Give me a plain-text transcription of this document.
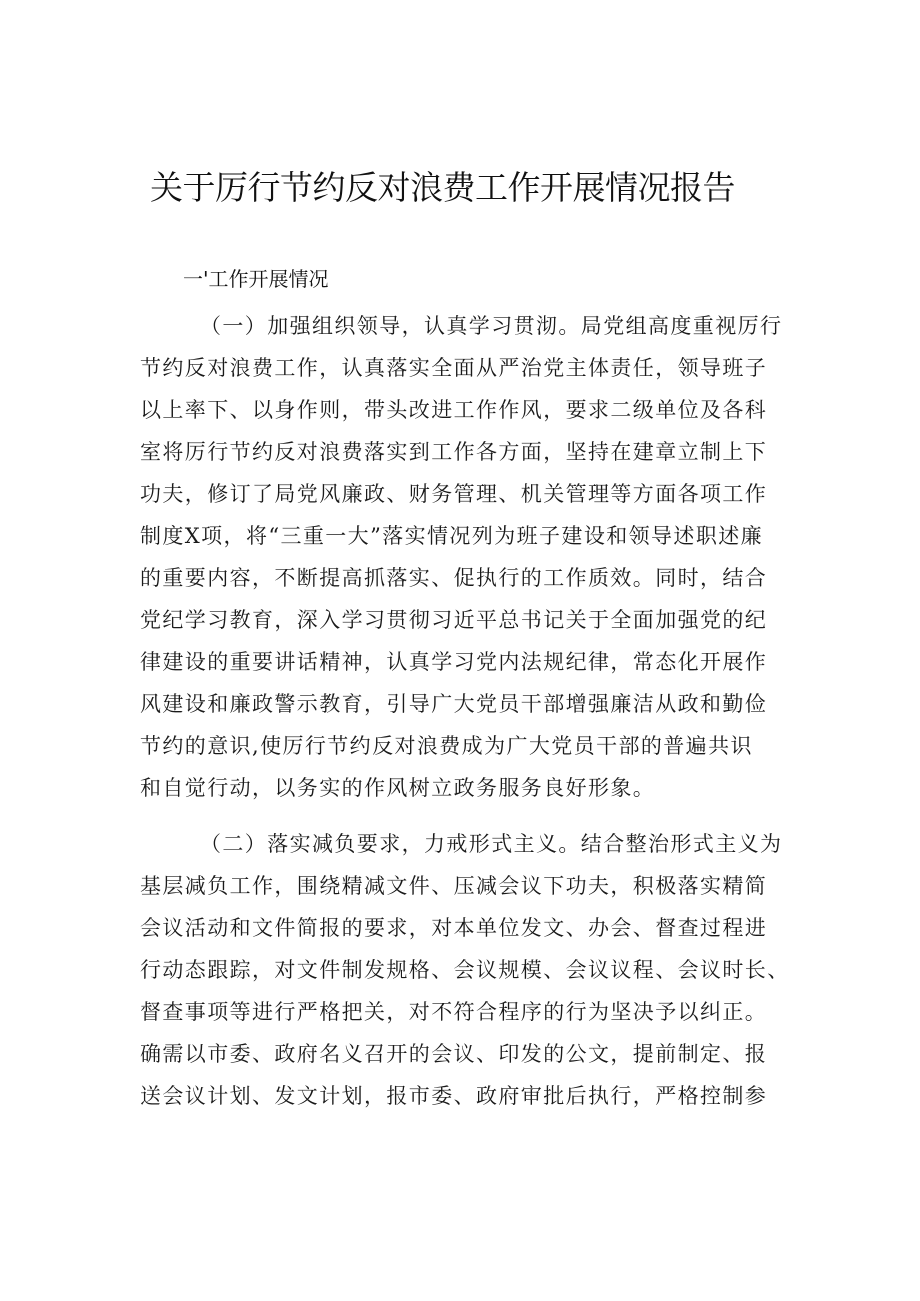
关于厉行节约反对浪费工作开展情况报告
一'工作开展情况
（一）加强组织领导，认真学习贯沏。局党组高度重视厉行
节约反对浪费工作，认真落实全面从严治党主体责任，领导班子
以上率下、以身作则，带头改进工作作风，要求二级单位及各科
室将厉行节约反对浪费落实到工作各方面，坚持在建章立制上下
功夫，修订了局党风廉政、财务管理、机关管理等方面各项工作
制度X项，将“三重一大”落实情况列为班子建设和领导述职述廉
的重要内容，不断提高抓落实、促执行的工作质效。同时，结合
党纪学习教育，深入学习贯彻习近平总书记关于全面加强党的纪
律建设的重要讲话精神，认真学习党内法规纪律，常态化开展作
风建设和廉政警示教育，引导广大党员干部增强廉洁从政和勤俭
节约的意识,使厉行节约反对浪费成为广大党员干部的普遍共识
和自觉行动，以务实的作风树立政务服务良好形象。
（二）落实减负要求，力戒形式主义。结合整治形式主义为
基层减负工作，围绕精减文件、压减会议下功夫，积极落实精简
会议活动和文件简报的要求，对本单位发文、办会、督查过程进
行动态跟踪，对文件制发规格、会议规模、会议议程、会议时长、
督查事项等进行严格把关，对不符合程序的行为坚决予以纠正。
确需以市委、政府名义召开的会议、印发的公文，提前制定、报
送会议计划、发文计划，报市委、政府审批后执行，严格控制参
